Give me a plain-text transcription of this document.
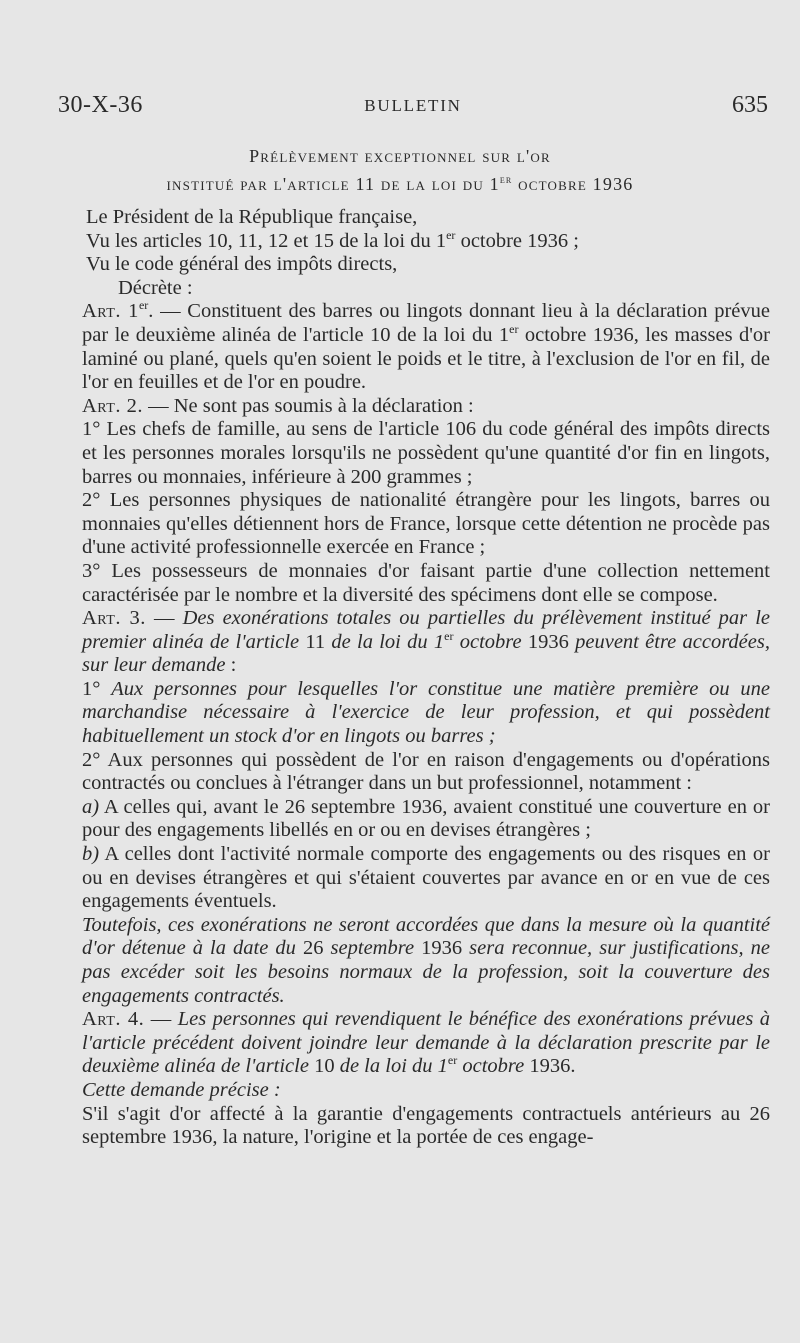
30-X-36	BULLETIN	635
Prélèvement exceptionnel sur l'or
institué par l'article 11 de la loi du 1er octobre 1936

Le Président de la République française,

Vu les articles 10, 11, 12 et 15 de la loi du 1er octobre 1936 ;

Vu le code général des impôts directs,

Décrète :

Art. 1er. — Constituent des barres ou lingots donnant lieu à la déclaration prévue par le deuxième alinéa de l'article 10 de la loi du 1er octobre 1936, les masses d'or laminé ou plané, quels qu'en soient le poids et le titre, à l'exclusion de l'or en fil, de l'or en feuilles et de l'or en poudre.

Art. 2. — Ne sont pas soumis à la déclaration :

1° Les chefs de famille, au sens de l'article 106 du code général des impôts directs et les personnes morales lorsqu'ils ne possèdent qu'une quantité d'or fin en lingots, barres ou monnaies, inférieure à 200 grammes ;

2° Les personnes physiques de nationalité étrangère pour les lingots, barres ou monnaies qu'elles détiennent hors de France, lorsque cette détention ne procède pas d'une activité professionnelle exercée en France ;

3° Les possesseurs de monnaies d'or faisant partie d'une collection nettement caractérisée par le nombre et la diversité des spécimens dont elle se compose.

Art. 3. — Des exonérations totales ou partielles du prélèvement institué par le premier alinéa de l'article 11 de la loi du 1er octobre 1936 peuvent être accordées, sur leur demande :

1° Aux personnes pour lesquelles l'or constitue une matière première ou une marchandise nécessaire à l'exercice de leur profession, et qui possèdent habituellement un stock d'or en lingots ou barres ;

2° Aux personnes qui possèdent de l'or en raison d'engagements ou d'opérations contractés ou conclues à l'étranger dans un but professionnel, notamment :

a) A celles qui, avant le 26 septembre 1936, avaient constitué une couverture en or pour des engagements libellés en or ou en devises étrangères ;

b) A celles dont l'activité normale comporte des engagements ou des risques en or ou en devises étrangères et qui s'étaient couvertes par avance en or en vue de ces engagements éventuels.

Toutefois, ces exonérations ne seront accordées que dans la mesure où la quantité d'or détenue à la date du 26 septembre 1936 sera reconnue, sur justifications, ne pas excéder soit les besoins normaux de la profession, soit la couverture des engagements contractés.

Art. 4. — Les personnes qui revendiquent le bénéfice des exonérations prévues à l'article précédent doivent joindre leur demande à la déclaration prescrite par le deuxième alinéa de l'article 10 de la loi du 1er octobre 1936.

Cette demande précise :

S'il s'agit d'or affecté à la garantie d'engagements contractuels antérieurs au 26 septembre 1936, la nature, l'origine et la portée de ces engage-
